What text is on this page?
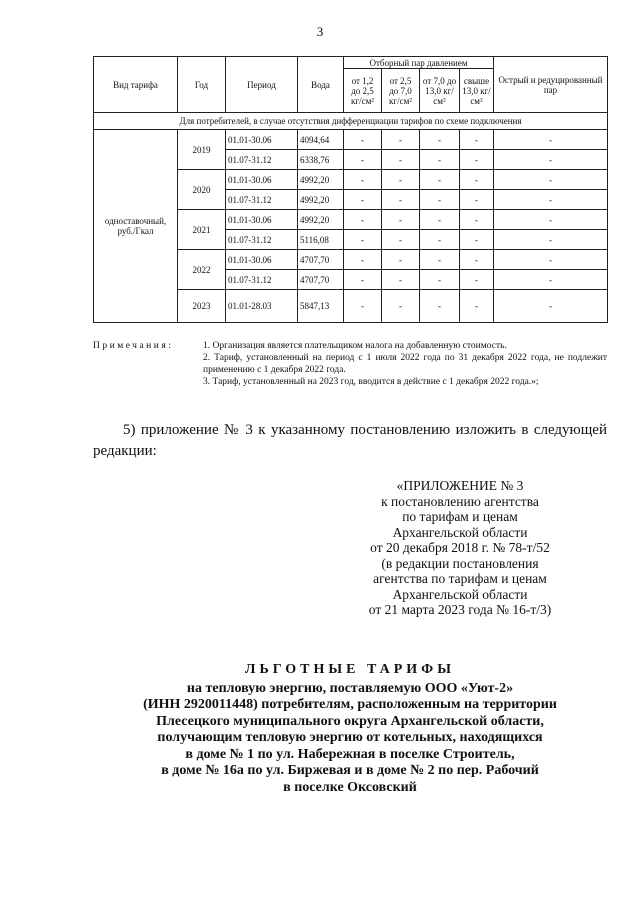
3
Вид тарифа	Год	Период	Вода	Отборный пар давлением				Острый и редуцированный пар
				от 1,2 до 2,5 кг/см²	от 2,5 до 7,0 кг/см²	от 7,0 до 13,0 кг/см²	свыше 13,0 кг/см²	
Для потребителей, в случае отсутствия дифференциации тарифов по схеме подключения								
одноставочный, руб./Гкал	2019	01.01-30.06	4094,64	-	-	-	-	-
		01.07-31.12	6338,76	-	-	-	-	-
	2020	01.01-30.06	4992,20	-	-	-	-	-
		01.07-31.12	4992,20	-	-	-	-	-
	2021	01.01-30.06	4992,20	-	-	-	-	-
		01.07-31.12	5116,08	-	-	-	-	-
	2022	01.01-30.06	4707,70	-	-	-	-	-
		01.07-31.12	4707,70	-	-	-	-	-
	2023	01.01-28.03	5847,13	-	-	-	-	-
Примечания:	1. Организация является плательщиком налога на добавленную стоимость.
2. Тариф, установленный на период с 1 июля 2022 года по 31 декабря 2022 года, не подлежит применению с 1 декабря 2022 года.
3. Тариф, установленный на 2023 год, вводится в действие с 1 декабря 2022 года.»;
5) приложение № 3 к указанному постановлению изложить в следующей редакции:
«ПРИЛОЖЕНИЕ № 3
к постановлению агентства
по тарифам и ценам
Архангельской области
от 20 декабря 2018 г. № 78-т/52
(в редакции постановления
агентства по тарифам и ценам
Архангельской области
от 21 марта 2023 года № 16-т/3)
ЛЬГОТНЫЕ ТАРИФЫ
на тепловую энергию, поставляемую ООО «Уют-2»
(ИНН 2920011448) потребителям, расположенным на территории
Плесецкого муниципального округа Архангельской области,
получающим тепловую энергию от котельных, находящихся
в доме № 1 по ул. Набережная в поселке Строитель,
в доме № 16а по ул. Биржевая и в доме № 2 по пер. Рабочий
в поселке Оксовский
